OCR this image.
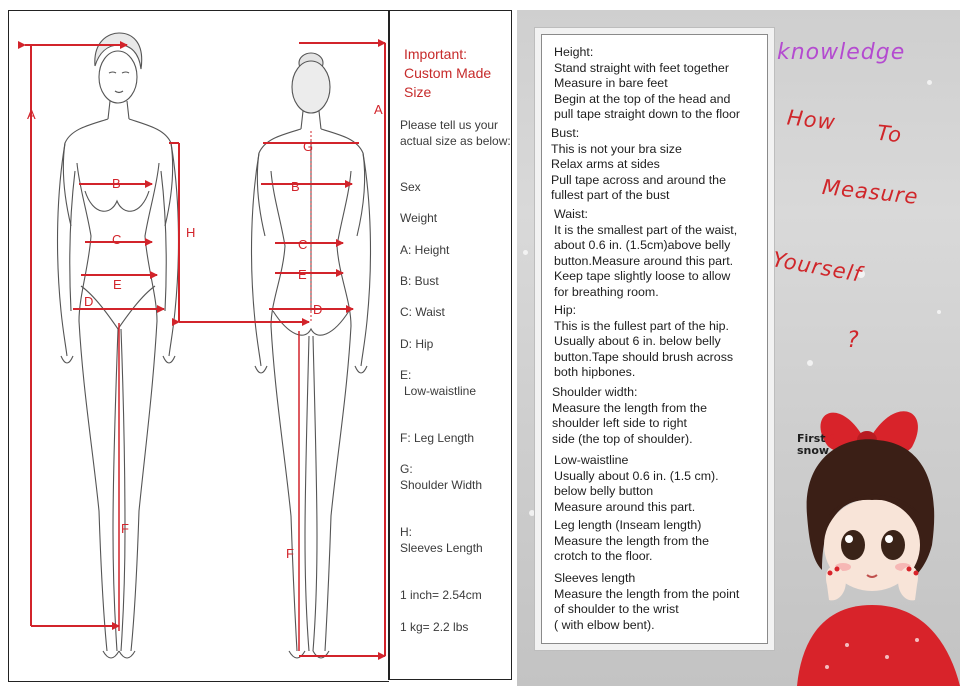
A	A
B	B
C	C
E
E
D
D
G
H
F
F

Important: Custom Made Size

Please tell us your actual size as below:

Sex

Weight

A: Height

B: Bust

C: Waist

D: Hip

E:

Low-waistline

F: Leg Length

G:

Shoulder Width

H:

Sleeves Length

1 inch= 2.54cm

1 kg= 2.2 lbs

Height:
Stand straight with feet together
Measure in bare feet
Begin at the top of the head and
pull tape straight down to the floor
Bust:
This is not your bra size
Relax arms at sides
Pull tape across and around the
fullest part of the bust
Waist:
It is the smallest part of the waist,
about 0.6 in. (1.5cm)above belly
button.Measure around this part.
Keep tape slightly loose to allow
for breathing room.
Hip:
This is the fullest part of the hip.
Usually about 6 in. below belly
button.Tape should brush across
both hipbones.
Shoulder width:
Measure the length from the
shoulder left side to right
side (the top of shoulder).
Low-waistline
Usually about 0.6 in. (1.5 cm).
below belly button
Measure around this part.
Leg length (Inseam length)
Measure the length from the
crotch to the floor.
Sleeves length
Measure the length from the point
of shoulder to the wrist
( with elbow bent).
knowledge
How To
Measure
Yourself
?
First♥
snow
